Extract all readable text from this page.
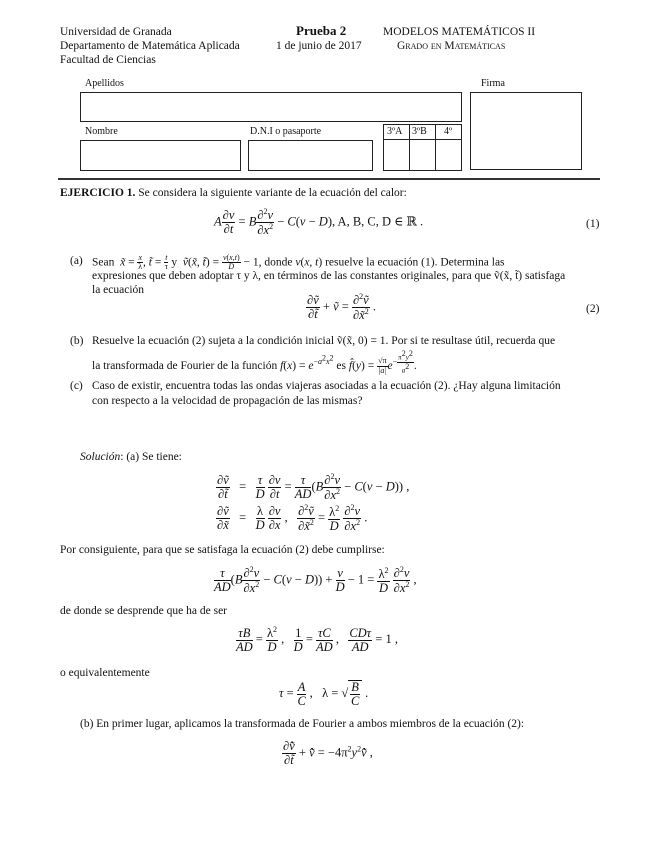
Universidad de Granada
Departamento de Matemática Aplicada
Facultad de Ciencias
Prueba 2
1 de junio de 2017
MODELOS MATEMÁTICOS II
Grado en Matemáticas
Apellidos	Firma
Nombre	D.N.I o pasaporte	3ºA 3ºB 4º
EJERCICIO 1. Se considera la siguiente variante de la ecuación del calor:
A $\frac{\partial v}{\partial t} = B \frac{\partial^2v}{\partial x^2} - C(v - D)$, A, B, C, D ∈ ℝ .	(1)
(a) Sean  x̃ = $\frac{x}{\lambda}$ , t̃ = $\frac{t}{\tau}$ y  ṽ(x̃, t̃) = $\frac{v(x,t)}{D} - 1$, donde v(x, t) resuelve la ecuación (1). Determina las
expresiones que deben adoptar τ y λ, en términos de las constantes originales, para que ṽ(x̃, t̃) satisfaga
la ecuación
$\frac{\text{∂ṽ}}{\partial t̃}$ + ṽ = $\frac{\partial^2ṽ}{\partial x̃^2}$ .	(2)
(b) Resuelve la ecuación (2) sujeta a la condición inicial ṽ(x̃, 0) = 1. Por si te resultase útil, recuerda que
la transformada de Fourier de la función $f(x) = e^{-a^2x^2}$ es f̂(y) = $\frac{√\pi}{|a|} e^{- \frac{\pi^2y^2}{a^2}}$ .
(c) Caso de existir, encuentra todas las ondas viajeras asociadas a la ecuación (2). ¿Hay alguna limitación
con respecto a la velocidad de propagación de las mismas?
Solución: (a) Se tiene:
$\frac{\text{∂ṽ}}{\partial t̃} = \frac{\tau}{D}$
$\frac{\partial v}{\partial t} = \frac{\tau}{AD} (B \frac{\partial^2v}{\partial x^2} - C(v - D))$ ,
$\frac{\text{∂ṽ}}{\partial x̃} = \frac{\lambda}{D}$
$\frac{\partial v}{\partial x}$ , $\frac{\partial^2ṽ}{\partial x̃^2} = \frac{\lambda^2}{D}$
$\frac{\partial^2v}{\partial x^2}$ .
Por consiguiente, para que se satisfaga la ecuación (2) debe cumplirse:
$\frac{\tau}{AD} (B \frac{\partial^2v}{\partial x^2} - C(v - D)) + \frac{v}{D} - 1 = \frac{\lambda^2}{D}$
$\frac{\partial^2v}{\partial x^2}$ ,
de donde se desprende que ha de ser
$\frac{\tau B}{AD} = \frac{\lambda^2}{D}$ , $\frac{1}{D} = \frac{\tau C}{AD}$ , $\frac{\text{CDτ}}{AD} = 1$ ,
o equivalentemente
$\tau = \frac{A}{C}$ ,   λ = √ $\frac{B}{C}$ .
(b) En primer lugar, aplicamos la transformada de Fourier a ambos miembros de la ecuación (2):
$\frac{\partial v̂̃}{\partial t̃}$ + v̂̃ = $-4\pi^2y^2v̂̃$ ,
